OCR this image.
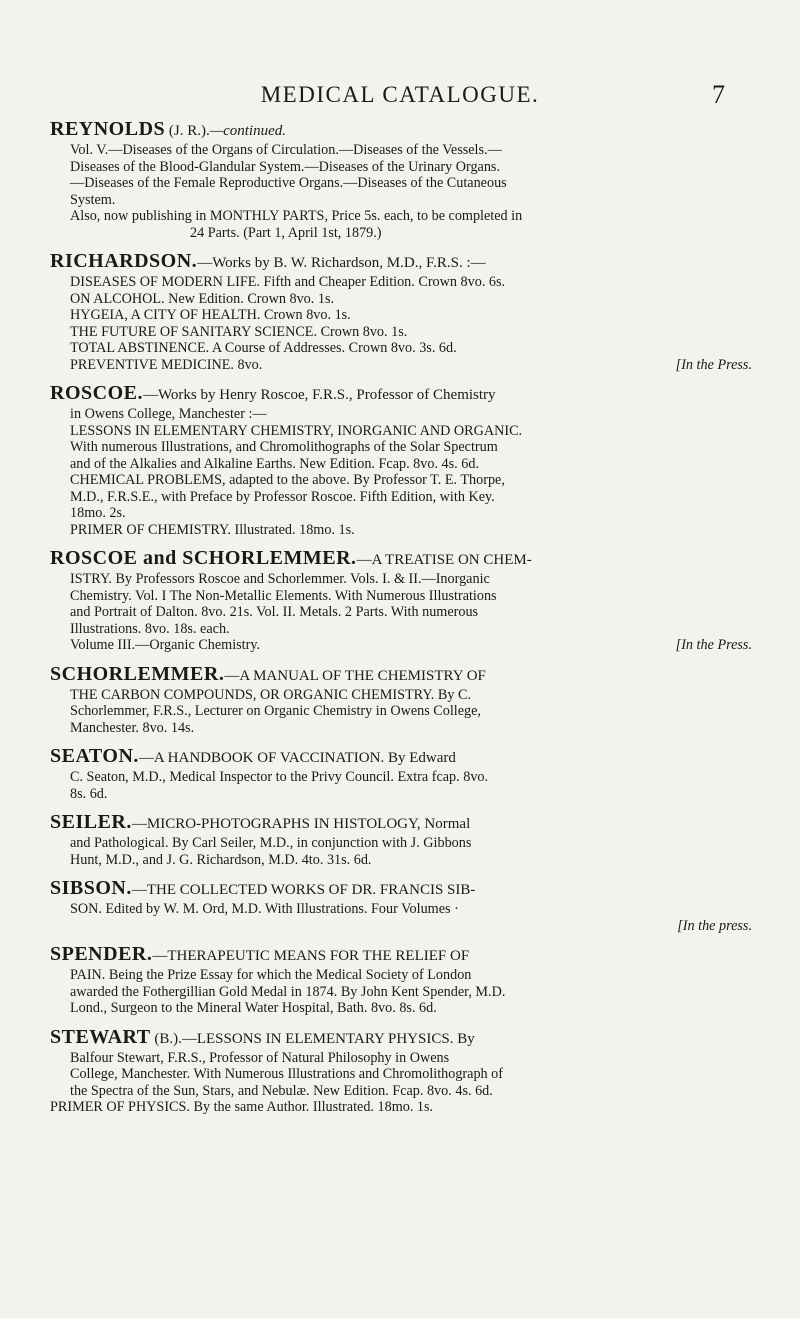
MEDICAL CATALOGUE.	7
REYNOLDS (J. R.).—continued.
Vol. V.—Diseases of the Organs of Circulation.—Diseases of the Vessels.—
Diseases of the Blood-Glandular System.—Diseases of the Urinary Organs.
—Diseases of the Female Reproductive Organs.—Diseases of the Cutaneous
System.
Also, now publishing in MONTHLY PARTS, Price 5s. each, to be completed in
24 Parts. (Part 1, April 1st, 1879.)
RICHARDSON.—Works by B. W. Richardson, M.D., F.R.S. :—
DISEASES OF MODERN LIFE. Fifth and Cheaper Edition. Crown 8vo. 6s.
ON ALCOHOL. New Edition. Crown 8vo. 1s.
HYGEIA, A CITY OF HEALTH. Crown 8vo. 1s.
THE FUTURE OF SANITARY SCIENCE. Crown 8vo. 1s.
TOTAL ABSTINENCE. A Course of Addresses. Crown 8vo. 3s. 6d.
PREVENTIVE MEDICINE. 8vo.	[In the Press.
ROSCOE.—Works by Henry Roscoe, F.R.S., Professor of Chemistry
in Owens College, Manchester :—
LESSONS IN ELEMENTARY CHEMISTRY, INORGANIC AND ORGANIC.
With numerous Illustrations, and Chromolithographs of the Solar Spectrum
and of the Alkalies and Alkaline Earths. New Edition. Fcap. 8vo. 4s. 6d.
CHEMICAL PROBLEMS, adapted to the above. By Professor T. E. Thorpe,
M.D., F.R.S.E., with Preface by Professor Roscoe. Fifth Edition, with Key.
18mo. 2s.
PRIMER OF CHEMISTRY. Illustrated. 18mo. 1s.
ROSCOE and SCHORLEMMER.—A TREATISE ON CHEM-
ISTRY. By Professors Roscoe and Schorlemmer. Vols. I. & II.—Inorganic
Chemistry. Vol. I The Non-Metallic Elements. With Numerous Illustrations
and Portrait of Dalton. 8vo. 21s. Vol. II. Metals. 2 Parts. With numerous
Illustrations. 8vo. 18s. each.
Volume III.—Organic Chemistry.	[In the Press.
SCHORLEMMER.—A MANUAL OF THE CHEMISTRY OF
THE CARBON COMPOUNDS, OR ORGANIC CHEMISTRY. By C.
Schorlemmer, F.R.S., Lecturer on Organic Chemistry in Owens College,
Manchester. 8vo. 14s.
SEATON.—A HANDBOOK OF VACCINATION. By Edward
C. Seaton, M.D., Medical Inspector to the Privy Council. Extra fcap. 8vo.
8s. 6d.
SEILER.—MICRO-PHOTOGRAPHS IN HISTOLOGY, Normal
and Pathological. By Carl Seiler, M.D., in conjunction with J. Gibbons
Hunt, M.D., and J. G. Richardson, M.D. 4to. 31s. 6d.
SIBSON.—THE COLLECTED WORKS OF DR. FRANCIS SIB-
SON. Edited by W. M. Ord, M.D. With Illustrations. Four Volumes ·
[In the press.
SPENDER.—THERAPEUTIC MEANS FOR THE RELIEF OF
PAIN. Being the Prize Essay for which the Medical Society of London
awarded the Fothergillian Gold Medal in 1874. By John Kent Spender, M.D.
Lond., Surgeon to the Mineral Water Hospital, Bath. 8vo. 8s. 6d.
STEWART (B.).—LESSONS IN ELEMENTARY PHYSICS. By
Balfour Stewart, F.R.S., Professor of Natural Philosophy in Owens
College, Manchester. With Numerous Illustrations and Chromolithograph of
the Spectra of the Sun, Stars, and Nebulæ. New Edition. Fcap. 8vo. 4s. 6d.
PRIMER OF PHYSICS. By the same Author. Illustrated. 18mo. 1s.
